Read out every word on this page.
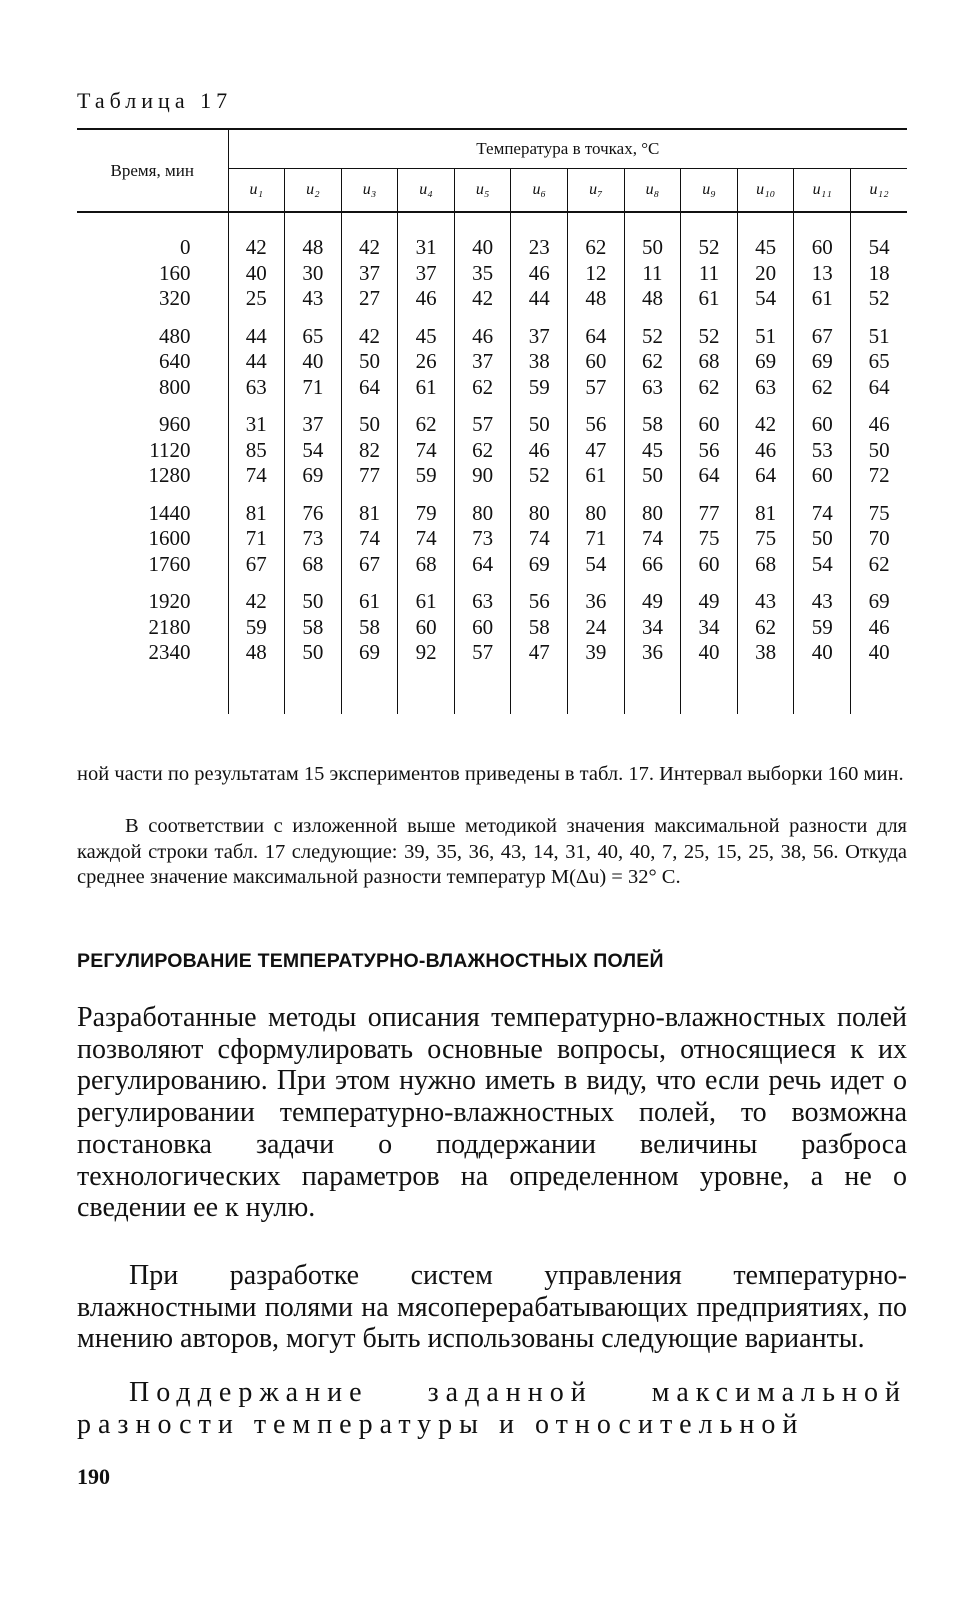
Таблица 17
Время, мин	Температура в точках, °С											
	u₁	u₂	u₃	u₄	u₅	u₆	u₇	u₈	u₉	u₁₀	u₁₁	u₁₂

0	42	48	42	31	40	23	62	50	52	45	60	54
160	40	30	37	37	35	46	12	11	11	20	13	18
320	25	43	27	46	42	44	48	48	61	54	61	52

480	44	65	42	45	46	37	64	52	52	51	67	51
640	44	40	50	26	37	38	60	62	68	69	69	65
800	63	71	64	61	62	59	57	63	62	63	62	64

960	31	37	50	62	57	50	56	58	60	42	60	46
1120	85	54	82	74	62	46	47	45	56	46	53	50
1280	74	69	77	59	90	52	61	50	64	64	60	72

1440	81	76	81	79	80	80	80	80	77	81	74	75
1600	71	73	74	74	73	74	71	74	75	75	50	70
1760	67	68	67	68	64	69	54	66	60	68	54	62

1920	42	50	61	61	63	56	36	49	49	43	43	69
2180	59	58	58	60	60	58	24	34	34	62	59	46
2340	48	50	69	92	57	47	39	36	40	38	40	40

ной части по результатам 15 экспериментов приведены в табл. 17. Интервал выборки 160 мин.
В соответствии с изложенной выше методикой значения максимальной разности для каждой строки табл. 17 следующие: 39, 35, 36, 43, 14, 31, 40, 40, 7, 25, 15, 25, 38, 56. Откуда среднее значение максимальной разности температур M(Δu) = 32° С.
РЕГУЛИРОВАНИЕ ТЕМПЕРАТУРНО-ВЛАЖНОСТНЫХ ПОЛЕЙ
Разработанные методы описания температурно-влажностных полей позволяют сформулировать основные вопросы, относящиеся к их регулированию. При этом нужно иметь в виду, что если речь идет о регулировании температурно-влажностных полей, то возможна постановка задачи о поддержании величины разброса технологических параметров на определенном уровне, а не о сведении ее к нулю.
При разработке систем управления температурно-влажностными полями на мясоперерабатывающих предприятиях, по мнению авторов, могут быть использованы следующие варианты.
Поддержание заданной максимальной разности температуры и относительной
190
